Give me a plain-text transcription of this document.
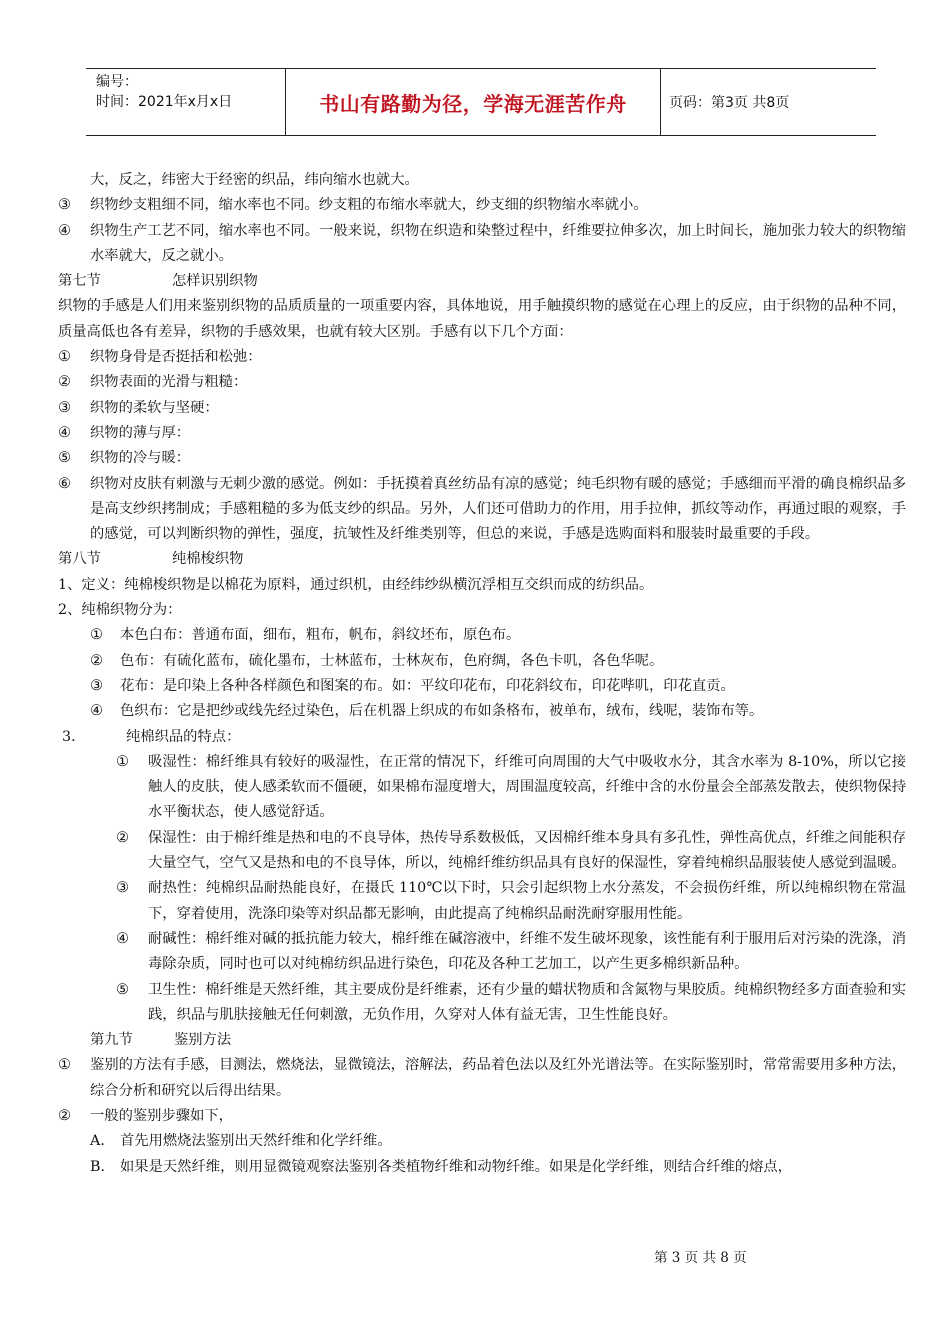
编号：
时间：2021年x月x日	书山有路勤为径，学海无涯苦作舟	页码：第3页 共8页

大，反之，纬密大于经密的织品，纬向缩水也就大。

③	织物纱支粗细不同，缩水率也不同。纱支粗的布缩水率就大，纱支细的织物缩水率就小。
④	织物生产工艺不同，缩水率也不同。一般来说，织物在织造和染整过程中，纤维要拉伸多次，加上时间长，施加张力较大的织物缩水率就大，反之就小。
第七节	怎样识别织物

织物的手感是人们用来鉴别织物的品质质量的一项重要内容，具体地说，用手触摸织物的感觉在心理上的反应，由于织物的品种不同，质量高低也各有差异，织物的手感效果，也就有较大区别。手感有以下几个方面：

①	织物身骨是否挺括和松弛：
②	织物表面的光滑与粗糙：
③	织物的柔软与坚硬：
④	织物的薄与厚：
⑤	织物的冷与暖：
⑥	织物对皮肤有刺激与无刺少激的感觉。例如：手抚摸着真丝纺品有凉的感觉；纯毛织物有暖的感觉；手感细而平滑的确良棉织品多是高支纱织拷制成；手感粗糙的多为低支纱的织品。另外，人们还可借助力的作用，用手拉伸，抓纹等动作，再通过眼的观察，手的感觉，可以判断织物的弹性，强度，抗皱性及纤维类别等，但总的来说，手感是选购面料和服装时最重要的手段。
第八节	纯棉梭织物

1、定义：纯棉梭织物是以棉花为原料，通过织机，由经纬纱纵横沉浮相互交织而成的纺织品。

2、纯棉织物分为：

①	本色白布：普通布面，细布，粗布，帆布，斜纹坯布，原色布。
②	色布：有硫化蓝布，硫化墨布，士林蓝布，士林灰布，色府绸，各色卡叽，各色华呢。
③	花布：是印染上各种各样颜色和图案的布。如：平纹印花布，印花斜纹布，印花哔叽，印花直贡。
④	色织布：它是把纱或线先经过染色，后在机器上织成的布如条格布，被单布，绒布，线呢，装饰布等。
3．	纯棉织品的特点：
①	吸湿性：棉纤维具有较好的吸湿性，在正常的情况下，纤维可向周围的大气中吸收水分，其含水率为 8-10%，所以它接触人的皮肤，使人感柔软而不僵硬，如果棉布湿度增大，周围温度较高，纤维中含的水份量会全部蒸发散去，使织物保持水平衡状态，使人感觉舒适。
②	保湿性：由于棉纤维是热和电的不良导体，热传导系数极低，又因棉纤维本身具有多孔性，弹性高优点，纤维之间能积存大量空气，空气又是热和电的不良导体，所以，纯棉纤维纺织品具有良好的保湿性，穿着纯棉织品服装使人感觉到温暖。
③	耐热性：纯棉织品耐热能良好，在摄氏 110℃以下时，只会引起织物上水分蒸发，不会损伤纤维，所以纯棉织物在常温下，穿着使用，洗涤印染等对织品都无影响，由此提高了纯棉织品耐洗耐穿服用性能。
④	耐碱性：棉纤维对碱的抵抗能力较大，棉纤维在碱溶液中，纤维不发生破坏现象，该性能有利于服用后对污染的洗涤，消毒除杂质，同时也可以对纯棉纺织品进行染色，印花及各种工艺加工，以产生更多棉织新品种。
⑤	卫生性：棉纤维是天然纤维，其主要成份是纤维素，还有少量的蜡状物质和含氮物与果胶质。纯棉织物经多方面查验和实践，织品与肌肤接触无任何刺激，无负作用，久穿对人体有益无害，卫生性能良好。
第九节	鉴别方法
①	鉴别的方法有手感，目测法，燃烧法，显微镜法，溶解法，药品着色法以及红外光谱法等。在实际鉴别时，常常需要用多种方法，综合分析和研究以后得出结果。
②	一般的鉴别步骤如下，
A． 首先用燃烧法鉴别出天然纤维和化学纤维。
B． 如果是天然纤维，则用显微镜观察法鉴别各类植物纤维和动物纤维。如果是化学纤维，则结合纤维的熔点，
第 3 页 共 8 页
